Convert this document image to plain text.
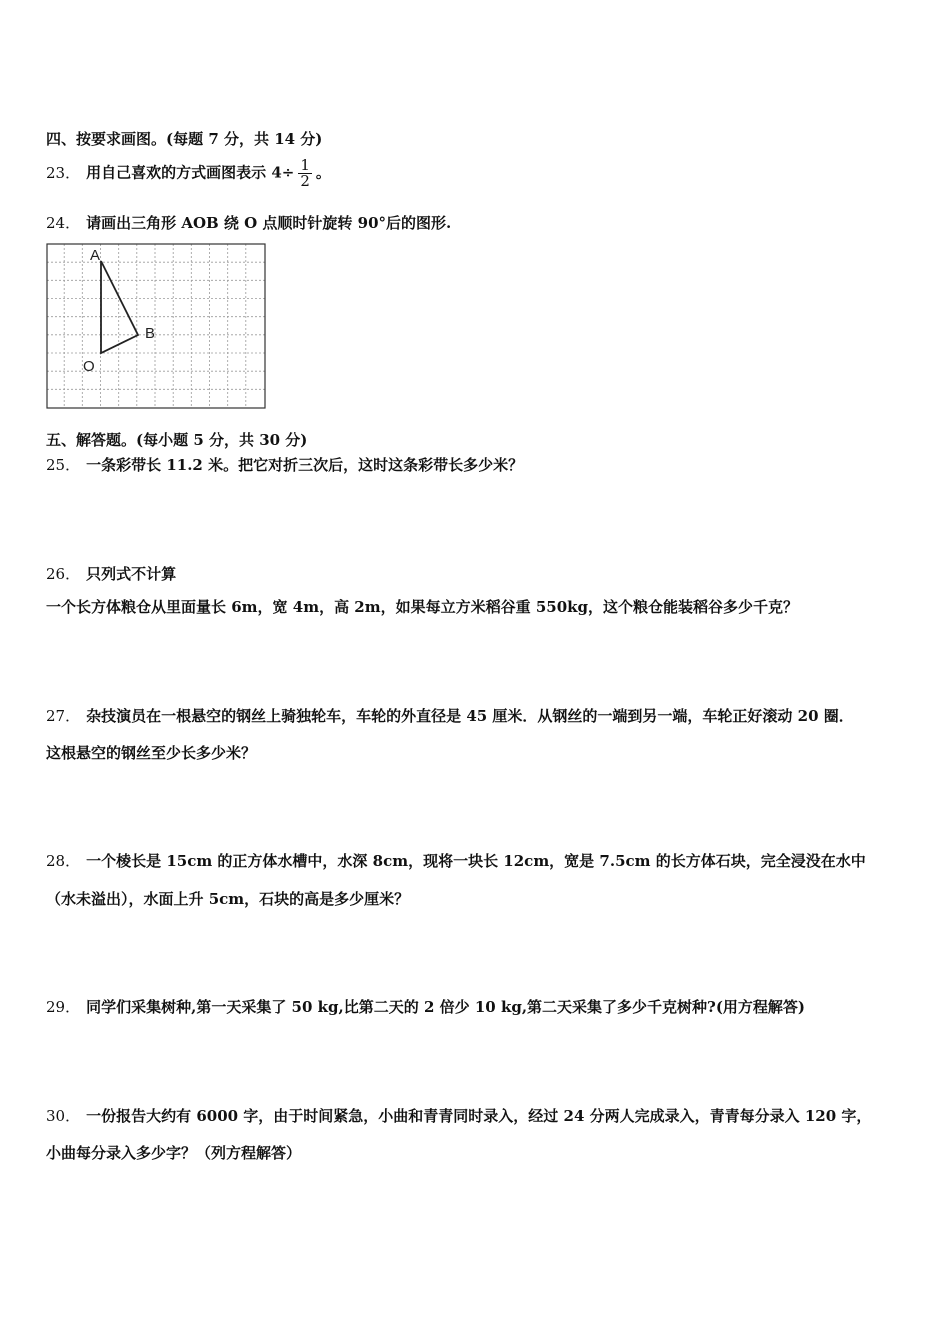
四、按要求画图。(每题 7 分，共 14 分)
23． 用自己喜欢的方式画图表示 $4\div \frac{1}{2}$ 。
24． 请画出三角形 AOB 绕 O 点顺时针旋转 90°后的图形.
A
B
O
五、解答题。(每小题 5 分，共 30 分)
25． 一条彩带长 11.2 米。把它对折三次后，这时这条彩带长多少米？
26． 只列式不计算
一个长方体粮仓从里面量长 6m，宽 4m，高 2m，如果每立方米稻谷重 550kg，这个粮仓能装稻谷多少千克？
27． 杂技演员在一根悬空的钢丝上骑独轮车，车轮的外直径是 45 厘米．从钢丝的一端到另一端，车轮正好滚动 20 圈．
这根悬空的钢丝至少长多少米？
28． 一个棱长是 15cm 的正方体水槽中，水深 8cm，现将一块长 12cm，宽是 7.5cm 的长方体石块，完全浸没在水中
（水未溢出），水面上升 5cm，石块的高是多少厘米？
29． 同学们采集树种,第一天采集了 50 kg,比第二天的 2 倍少 10 kg,第二天采集了多少千克树种?(用方程解答)
30． 一份报告大约有 6000 字，由于时间紧急，小曲和青青同时录入，经过 24 分两人完成录入，青青每分录入 120 字，
小曲每分录入多少字？（列方程解答）
